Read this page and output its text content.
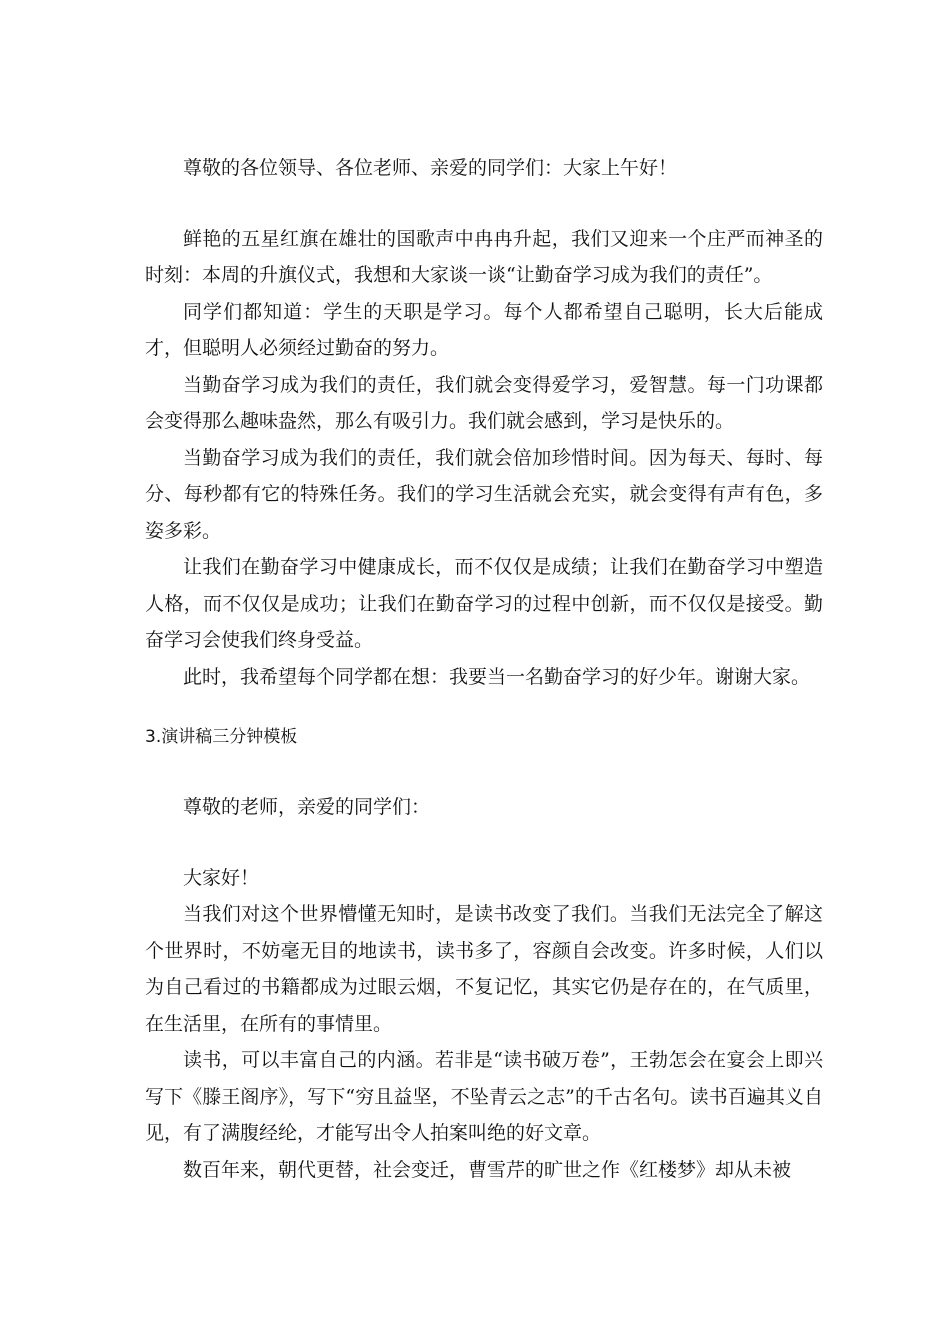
尊敬的各位领导、各位老师、亲爱的同学们：大家上午好！

鲜艳的五星红旗在雄壮的国歌声中冉冉升起，我们又迎来一个庄严而神圣的时刻：本周的升旗仪式，我想和大家谈一谈“让勤奋学习成为我们的责任”。

同学们都知道：学生的天职是学习。每个人都希望自己聪明，长大后能成才，但聪明人必须经过勤奋的努力。

当勤奋学习成为我们的责任，我们就会变得爱学习，爱智慧。每一门功课都会变得那么趣味盎然，那么有吸引力。我们就会感到，学习是快乐的。

当勤奋学习成为我们的责任，我们就会倍加珍惜时间。因为每天、每时、每分、每秒都有它的特殊任务。我们的学习生活就会充实，就会变得有声有色，多姿多彩。

让我们在勤奋学习中健康成长，而不仅仅是成绩；让我们在勤奋学习中塑造人格，而不仅仅是成功；让我们在勤奋学习的过程中创新，而不仅仅是接受。勤奋学习会使我们终身受益。

此时，我希望每个同学都在想：我要当一名勤奋学习的好少年。谢谢大家。

3.演讲稿三分钟模板

尊敬的老师，亲爱的同学们：

大家好！

当我们对这个世界懵懂无知时，是读书改变了我们。当我们无法完全了解这个世界时，不妨毫无目的地读书，读书多了，容颜自会改变。许多时候，人们以为自己看过的书籍都成为过眼云烟，不复记忆，其实它仍是存在的，在气质里，在生活里，在所有的事情里。

读书，可以丰富自己的内涵。若非是“读书破万卷”，王勃怎会在宴会上即兴写下《滕王阁序》，写下“穷且益坚，不坠青云之志”的千古名句。读书百遍其义自见，有了满腹经纶，才能写出令人拍案叫绝的好文章。

数百年来，朝代更替，社会变迁，曹雪芹的旷世之作《红楼梦》却从未被
